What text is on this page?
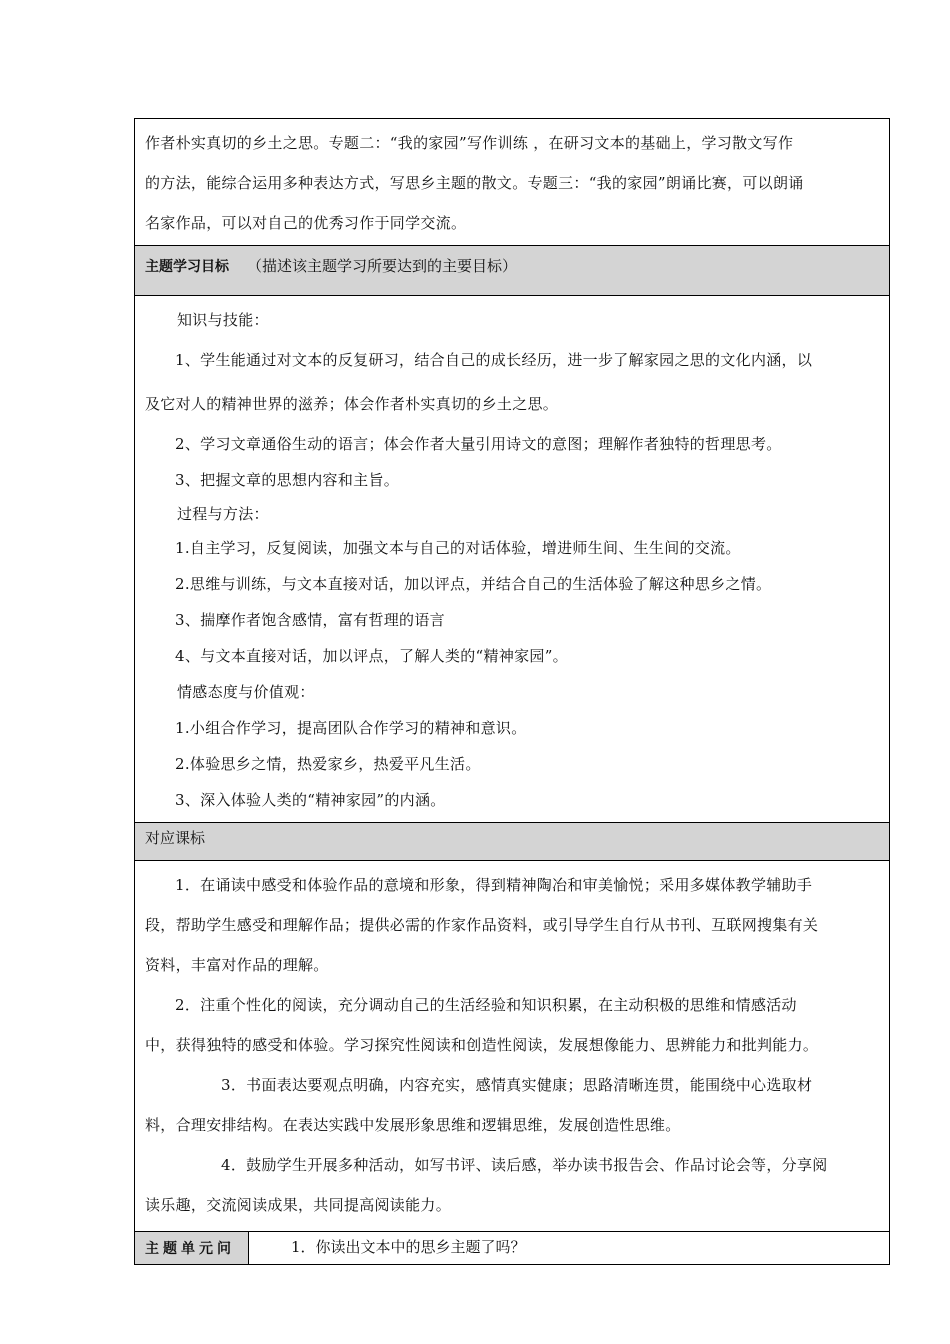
作者朴实真切的乡土之思。专题二：“我的家园”写作训练 ，在研习文本的基础上，学习散文写作

的方法，能综合运用多种表达方式，写思乡主题的散文。专题三：“我的家园”朗诵比赛，可以朗诵

名家作品，可以对自己的优秀习作于同学交流。

主题学习目标 （描述该主题学习所要达到的主要目标）

知识与技能：

1、学生能通过对文本的反复研习，结合自己的成长经历，进一步了解家园之思的文化内涵，以

及它对人的精神世界的滋养；体会作者朴实真切的乡土之思。

2、学习文章通俗生动的语言；体会作者大量引用诗文的意图；理解作者独特的哲理思考。

3、把握文章的思想内容和主旨。

过程与方法：

1.自主学习，反复阅读，加强文本与自己的对话体验，增进师生间、生生间的交流。

2.思维与训练，与文本直接对话，加以评点，并结合自己的生活体验了解这种思乡之情。

3、揣摩作者饱含感情，富有哲理的语言

4、与文本直接对话，加以评点，了解人类的“精神家园”。

情感态度与价值观：

1.小组合作学习，提高团队合作学习的精神和意识。

2.体验思乡之情，热爱家乡，热爱平凡生活。

3、深入体验人类的“精神家园”的内涵。

对应课标

1．在诵读中感受和体验作品的意境和形象，得到精神陶冶和审美愉悦；采用多媒体教学辅助手

段，帮助学生感受和理解作品；提供必需的作家作品资料，或引导学生自行从书刊、互联网搜集有关

资料，丰富对作品的理解。

2．注重个性化的阅读，充分调动自己的生活经验和知识积累，在主动积极的思维和情感活动

中，获得独特的感受和体验。学习探究性阅读和创造性阅读，发展想像能力、思辨能力和批判能力。

3．书面表达要观点明确，内容充实，感情真实健康；思路清晰连贯，能围绕中心选取材

料，合理安排结构。在表达实践中发展形象思维和逻辑思维，发展创造性思维。

4．鼓励学生开展多种活动，如写书评、读后感，举办读书报告会、作品讨论会等，分享阅

读乐趣，交流阅读成果，共同提高阅读能力。

主题单元问	1．你读出文本中的思乡主题了吗？
